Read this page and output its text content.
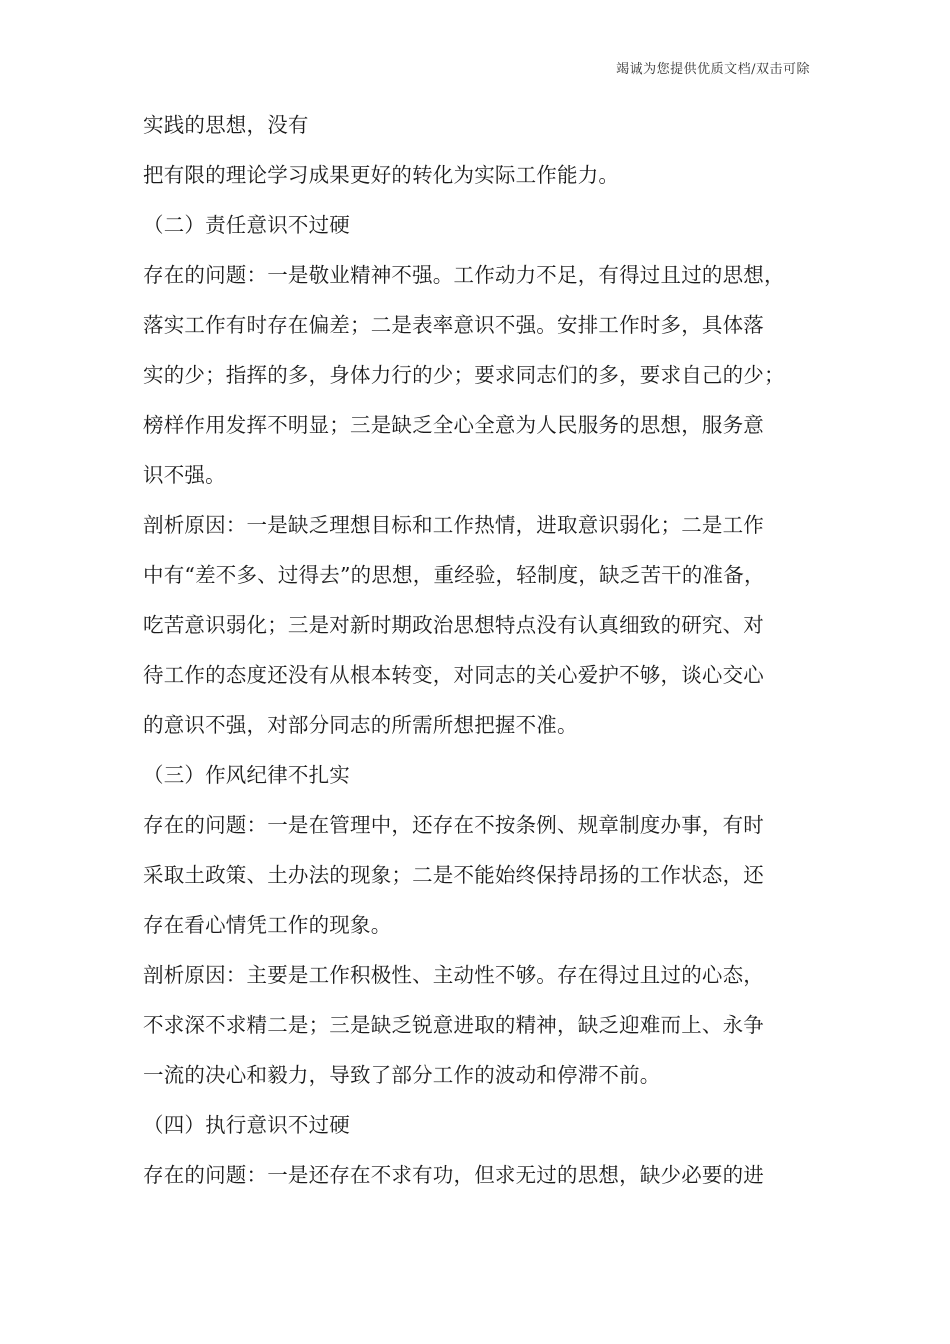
竭诚为您提供优质文档/双击可除
实践的思想，没有
把有限的理论学习成果更好的转化为实际工作能力。
（二）责任意识不过硬
存在的问题：一是敬业精神不强。工作动力不足，有得过且过的思想，
落实工作有时存在偏差；二是表率意识不强。安排工作时多，具体落
实的少；指挥的多，身体力行的少；要求同志们的多，要求自己的少；
榜样作用发挥不明显；三是缺乏全心全意为人民服务的思想，服务意
识不强。
剖析原因：一是缺乏理想目标和工作热情，进取意识弱化；二是工作
中有“差不多、过得去”的思想，重经验，轻制度，缺乏苦干的准备，
吃苦意识弱化；三是对新时期政治思想特点没有认真细致的研究、对
待工作的态度还没有从根本转变，对同志的关心爱护不够，谈心交心
的意识不强，对部分同志的所需所想把握不准。
（三）作风纪律不扎实
存在的问题：一是在管理中，还存在不按条例、规章制度办事，有时
采取土政策、土办法的现象；二是不能始终保持昂扬的工作状态，还
存在看心情凭工作的现象。
剖析原因：主要是工作积极性、主动性不够。存在得过且过的心态，
不求深不求精二是；三是缺乏锐意进取的精神，缺乏迎难而上、永争
一流的决心和毅力，导致了部分工作的波动和停滞不前。
（四）执行意识不过硬
存在的问题：一是还存在不求有功，但求无过的思想，缺少必要的进
